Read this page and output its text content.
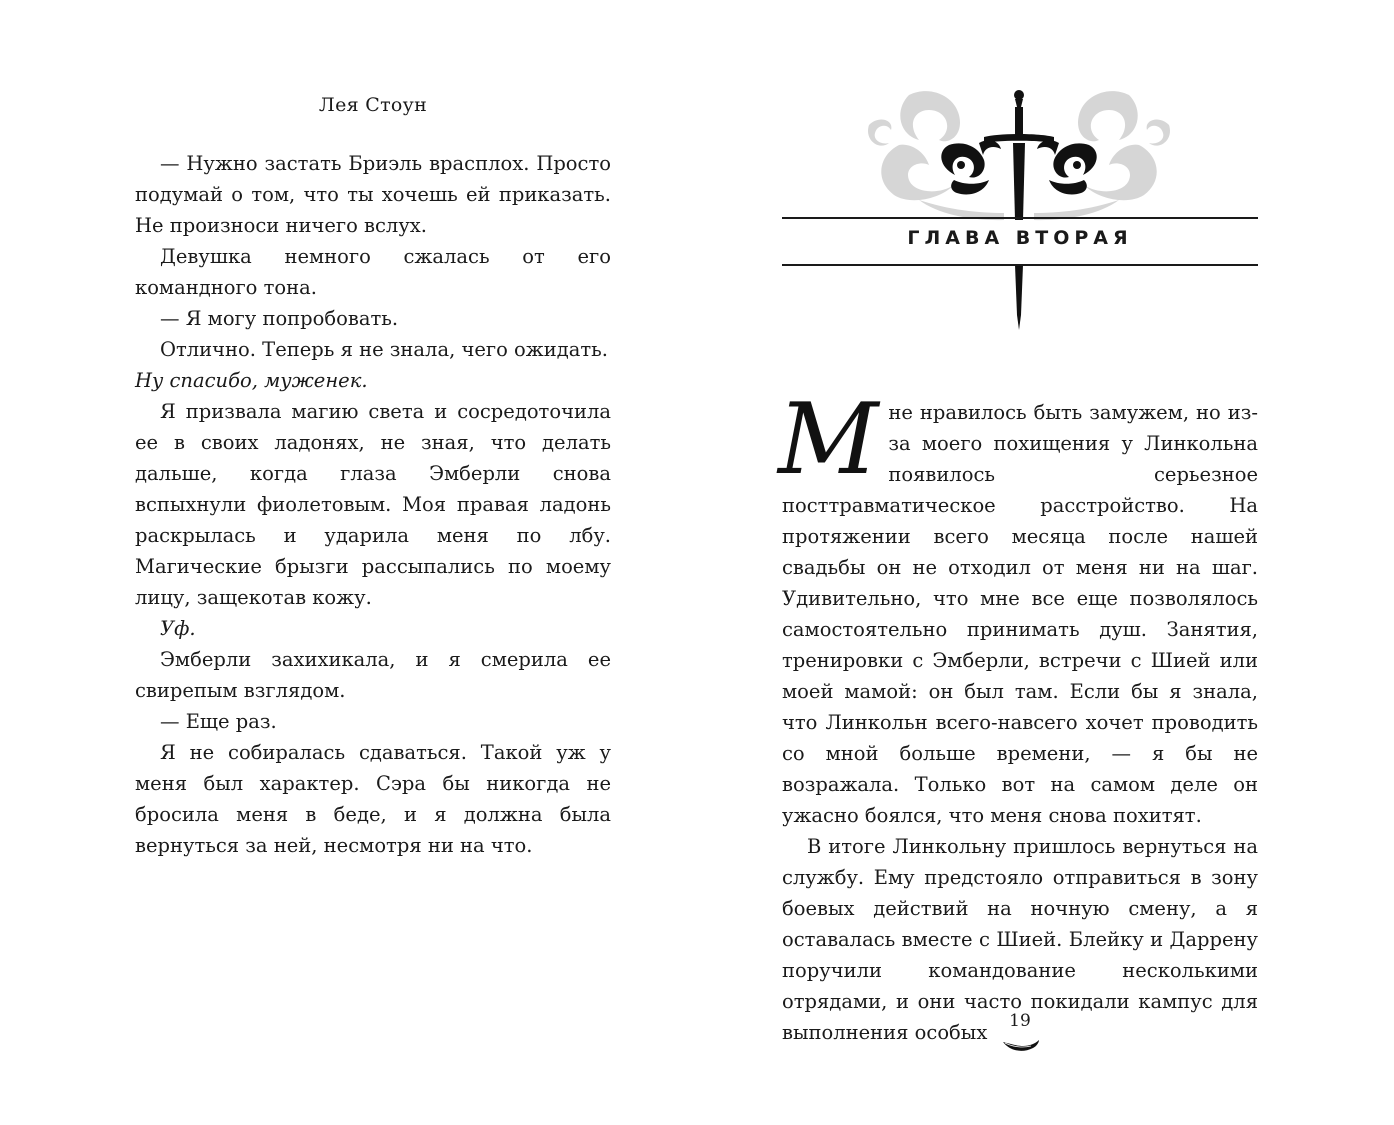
Лея Стоун

— Нужно застать Бриэль врасплох. Просто подумай о том, что ты хочешь ей приказать. Не произноси ничего вслух.

Девушка немного сжалась от его командного тона.

— Я могу попробовать.

Отлично. Теперь я не знала, чего ожидать.

Ну спасибо, муженек.

Я призвала магию света и сосредоточила ее в своих ладонях, не зная, что делать дальше, когда глаза Эмберли снова вспыхнули фиолетовым. Моя правая ладонь раскрылась и ударила меня по лбу. Магические брызги рассыпались по моему лицу, защекотав кожу.

Уф.

Эмберли захихикала, и я смерила ее свирепым взглядом.

— Еще раз.

Я не собиралась сдаваться. Такой уж у меня был характер. Сэра бы никогда не бросила меня в беде, и я должна была вернуться за ней, несмотря ни на что.

ГЛАВА ВТОРАЯ

Mне нравилось быть замужем, но из-за моего похищения у Линкольна появилось серьезное посттравматическое расстройство. На протяжении всего месяца после нашей свадьбы он не отходил от меня ни на шаг. Удивительно, что мне все еще позволялось самостоятельно принимать душ. Занятия, тренировки с Эмберли, встречи с Шией или моей мамой: он был там. Если бы я знала, что Линкольн всего-навсего хочет проводить со мной больше времени, — я бы не возражала. Только вот на самом деле он ужасно боялся, что меня снова похитят.

В итоге Линкольну пришлось вернуться на службу. Ему предстояло отправиться в зону боевых действий на ночную смену, а я оставалась вместе с Шией. Блейку и Даррену поручили командование несколькими отрядами, и они часто покидали кампус для выполнения особых	19
